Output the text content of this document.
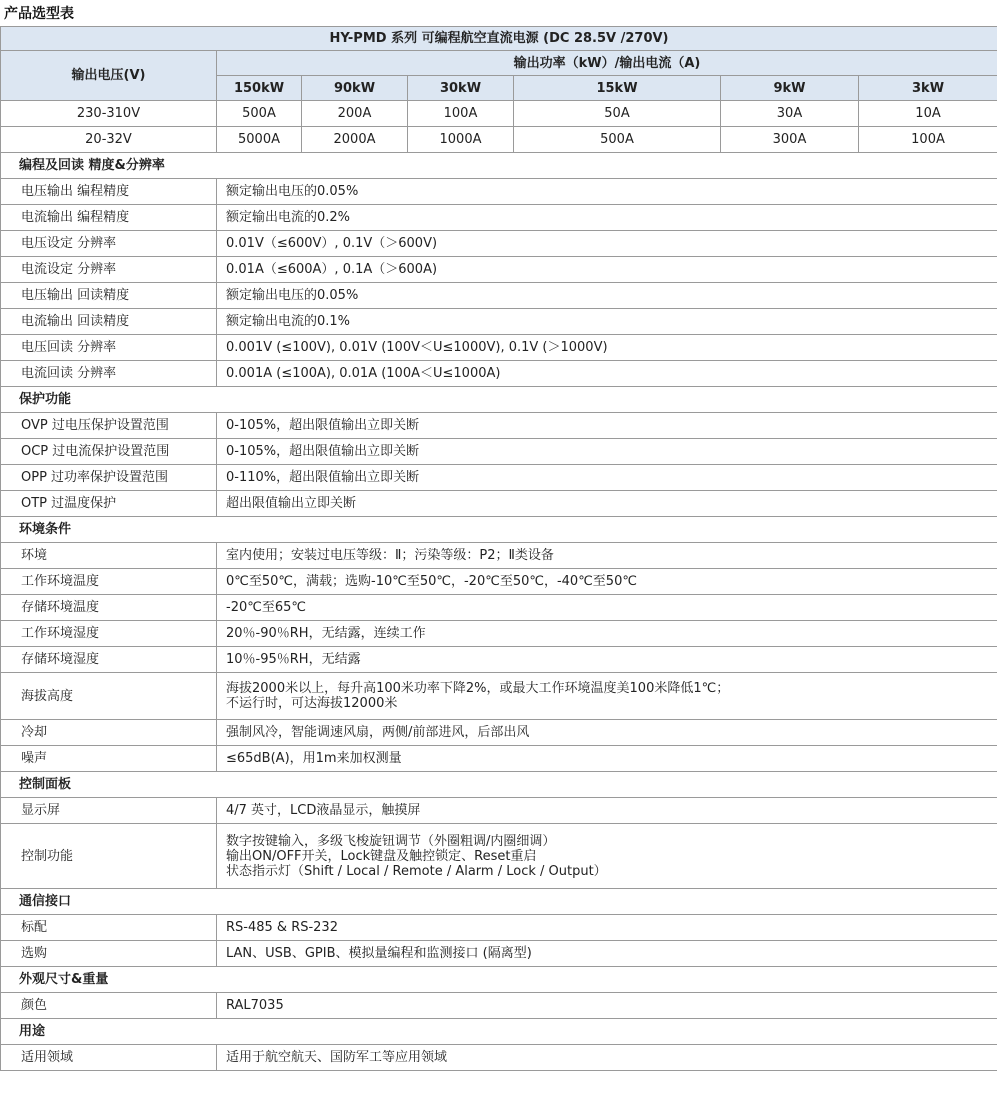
产品选型表
HY-PMD 系列 可编程航空直流电源 (DC 28.5V /270V)						
输出电压(V)	输出功率（kW）/输出电流（A)					
	150kW	90kW	30kW	15kW	9kW	3kW
230-310V	500A	200A	100A	50A	30A	10A
20-32V	5000A	2000A	1000A	500A	300A	100A
编程及回读 精度&分辨率						
电压输出 编程精度	额定输出电压的0.05%					

电流输出 编程精度	额定输出电流的0.2%					

电压设定 分辨率	0.01V（≤600V）, 0.1V（＞600V)					

电流设定 分辨率	0.01A（≤600A）, 0.1A（＞600A)					

电压输出 回读精度	额定输出电压的0.05%					

电流输出 回读精度	额定输出电流的0.1%					

电压回读 分辨率	0.001V (≤100V), 0.01V (100V＜U≤1000V), 0.1V (＞1000V)					

电流回读 分辨率	0.001A (≤100A), 0.01A (100A＜U≤1000A)					

保护功能						
OVP 过电压保护设置范围	0-105%，超出限值输出立即关断					

OCP 过电流保护设置范围	0-105%，超出限值输出立即关断					

OPP 过功率保护设置范围	0-110%，超出限值输出立即关断					

OTP 过温度保护	超出限值输出立即关断					

环境条件						
环境	室内使用；安装过电压等级：Ⅱ；污染等级：P2；Ⅱ类设备					

工作环境温度	0℃至50℃，满载；选购-10℃至50℃，-20℃至50℃，-40℃至50℃					

存储环境温度	-20℃至65℃					

工作环境湿度	20％-90％RH，无结露，连续工作					

存储环境湿度	10％-95％RH，无结露					

海拔高度	海拔2000米以上，每升高100米功率下降2%，或最大工作环境温度美100米降低1℃；
不运行时，可达海拔12000米					

冷却	强制风冷，智能调速风扇，两侧/前部进风，后部出风					

噪声	≤65dB(A)，用1m来加权测量					

控制面板						
显示屏	4/7 英寸，LCD液晶显示，触摸屏					

控制功能	数字按键输入，多级飞梭旋钮调节（外圈粗调/内圈细调）
输出ON/OFF开关，Lock键盘及触控锁定、Reset重启
状态指示灯（Shift / Local / Remote / Alarm / Lock / Output）					

通信接口						
标配	RS-485 & RS-232					

选购	LAN、USB、GPIB、模拟量编程和监测接口 (隔离型)					

外观尺寸&重量						
颜色	RAL7035					

用途						
适用领域	适用于航空航天、国防军工等应用领域					
